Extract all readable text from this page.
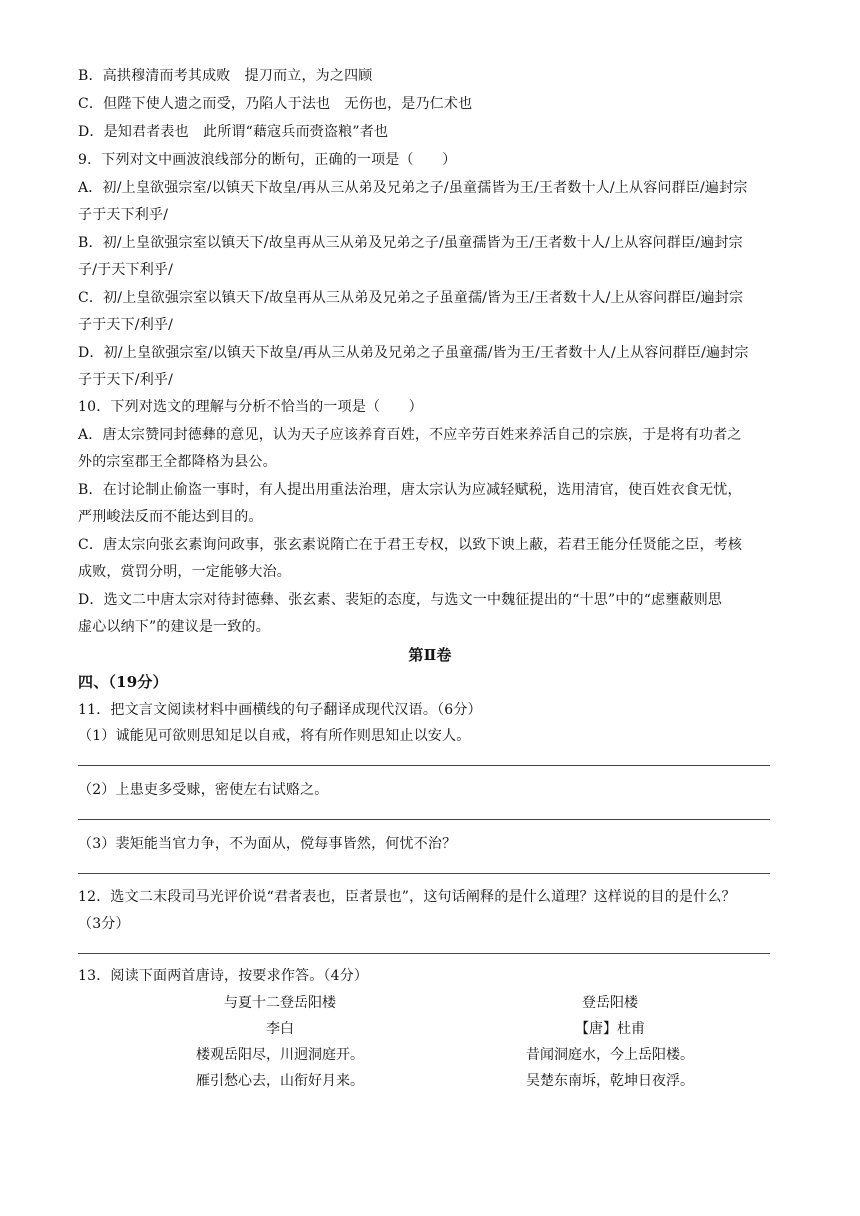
B．高拱穆清而考其成败　提刀而立，为之四顾
C．但陛下使人遗之而受，乃陷人于法也　无伤也，是乃仁术也
D．是知君者表也　此所谓“藉寇兵而赍盗粮”者也
9．下列对文中画波浪线部分的断句，正确的一项是（　　）
A．初/上皇欲强宗室/以镇天下故皇/再从三从弟及兄弟之子/虽童孺皆为王/王者数十人/上从容问群臣/遍封宗
子于天下利乎/
B．初/上皇欲强宗室以镇天下/故皇再从三从弟及兄弟之子/虽童孺皆为王/王者数十人/上从容问群臣/遍封宗
子/于天下利乎/
C．初/上皇欲强宗室以镇天下/故皇再从三从弟及兄弟之子虽童孺/皆为王/王者数十人/上从容问群臣/遍封宗
子于天下/利乎/
D．初/上皇欲强宗室/以镇天下故皇/再从三从弟及兄弟之子虽童孺/皆为王/王者数十人/上从容问群臣/遍封宗
子于天下/利乎/
10．下列对选文的理解与分析不恰当的一项是（　　）
A．唐太宗赞同封德彝的意见，认为天子应该养育百姓，不应辛劳百姓来养活自己的宗族，于是将有功者之
外的宗室郡王全都降格为县公。
B．在讨论制止偷盗一事时，有人提出用重法治理，唐太宗认为应减轻赋税，选用清官，使百姓衣食无忧，
严刑峻法反而不能达到目的。
C．唐太宗向张玄素询问政事，张玄素说隋亡在于君王专权，以致下谀上蔽，若君王能分任贤能之臣，考核
成败，赏罚分明，一定能够大治。
D．选文二中唐太宗对待封德彝、张玄素、裴矩的态度，与选文一中魏征提出的“十思”中的“虑壅蔽则思
虚心以纳下”的建议是一致的。
第Ⅱ卷
四、（19分）
11．把文言文阅读材料中画横线的句子翻译成现代汉语。（6分）
（1）诚能见可欲则思知足以自戒，将有所作则思知止以安人。
（2）上患吏多受赇，密使左右试赂之。
（3）裴矩能当官力争，不为面从，傥每事皆然，何忧不治？
12．选文二末段司马光评价说“君者表也，臣者景也”，这句话阐释的是什么道理？这样说的目的是什么？
（3分）
13．阅读下面两首唐诗，按要求作答。（4分）
与夏十二登岳阳楼
李白
楼观岳阳尽，川迥洞庭开。
雁引愁心去，山衔好月来。
登岳阳楼
【唐】杜甫
昔闻洞庭水，今上岳阳楼。
吴楚东南坼，乾坤日夜浮。
